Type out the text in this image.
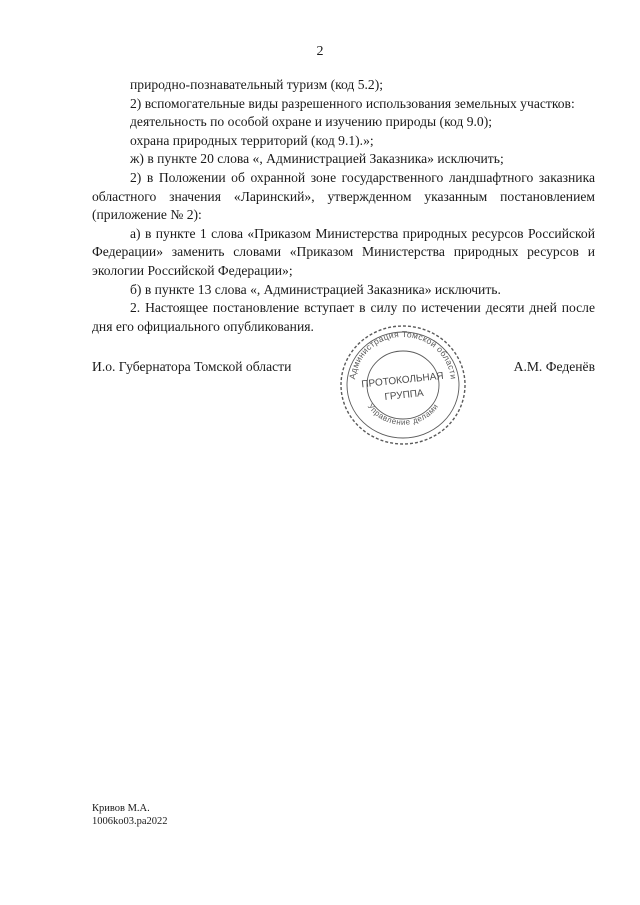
2

природно-познавательный туризм (код 5.2);

2) вспомогательные виды разрешенного использования земельных участков:

деятельность по особой охране и изучению природы (код 9.0);

охрана природных территорий (код 9.1).»;

ж) в пункте 20 слова «, Администрацией Заказника» исключить;

2) в Положении об охранной зоне государственного ландшафтного заказника областного значения «Ларинский», утвержденном указанным постановлением (приложение № 2):

а) в пункте 1 слова «Приказом Министерства природных ресурсов Российской Федерации» заменить словами «Приказом Министерства природных ресурсов и экологии Российской Федерации»;

б) в пункте 13 слова «, Администрацией Заказника» исключить.

2. Настоящее постановление вступает в силу по истечении десяти дней после дня его официального опубликования.

И.о. Губернатора Томской области	А.М. Феденёв
Администрация Томской области
Управление делами
ПРОТОКОЛЬНАЯ
ГРУППА

Кривов М.А.

1006ko03.pa2022
